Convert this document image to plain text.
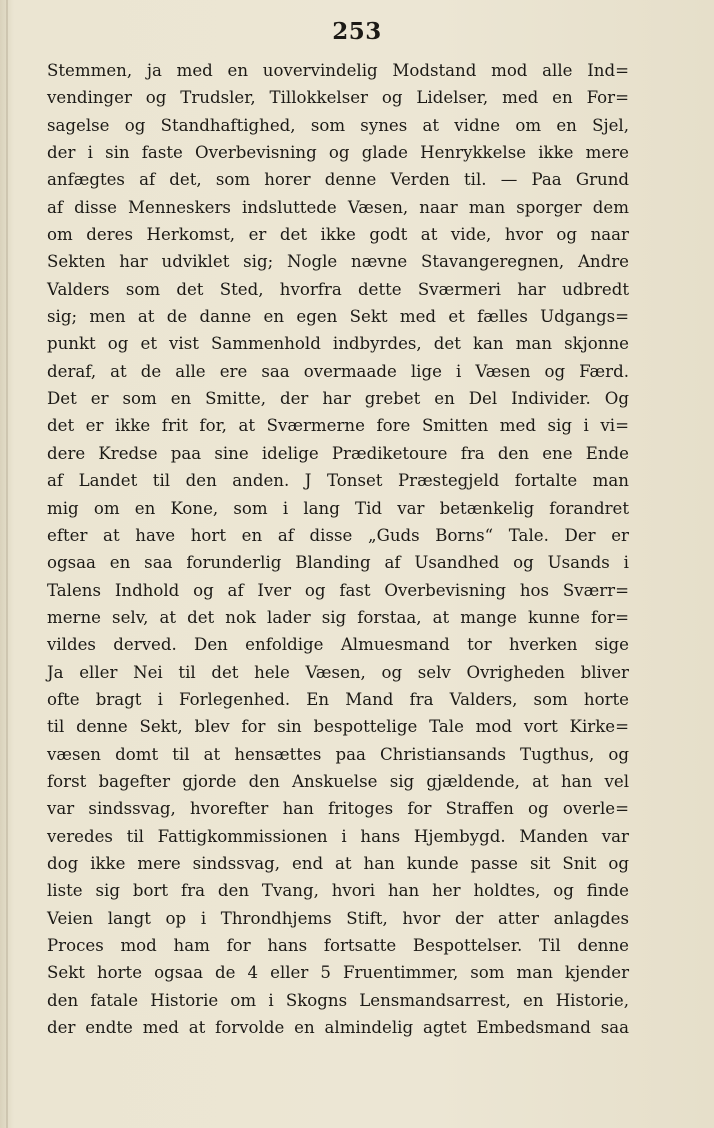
253
Stemmen, ja med en uovervindelig Modstand mod alle Ind=
vendinger og Trudsler, Tillokkelser og Lidelser, med en For=
sagelse og Standhaftighed, som synes at vidne om en Sjel,
der i sin faste Overbevisning og glade Henrykkelse ikke mere
anfægtes af det, som horer denne Verden til. — Paa Grund
af disse Menneskers indsluttede Væsen, naar man sporger dem
om deres Herkomst, er det ikke godt at vide, hvor og naar
Sekten har udviklet sig; Nogle nævne Stavangeregnen, Andre
Valders som det Sted, hvorfra dette Sværmeri har udbredt
sig; men at de danne en egen Sekt med et fælles Udgangs=
punkt og et vist Sammenhold indbyrdes, det kan man skjonne
deraf, at de alle ere saa overmaade lige i Væsen og Færd.
Det er som en Smitte, der har grebet en Del Individer. Og
det er ikke frit for, at Sværmerne fore Smitten med sig i vi=
dere Kredse paa sine idelige Prædiketoure fra den ene Ende
af Landet til den anden. J Tonset Præstegjeld fortalte man
mig om en Kone, som i lang Tid var betænkelig forandret
efter at have hort en af disse „Guds Borns“ Tale. Der er
ogsaa en saa forunderlig Blanding af Usandhed og Usands i
Talens Indhold og af Iver og fast Overbevisning hos Sværr=
merne selv, at det nok lader sig forstaa, at mange kunne for=
vildes derved. Den enfoldige Almuesmand tor hverken sige
Ja eller Nei til det hele Væsen, og selv Ovrigheden bliver
ofte bragt i Forlegenhed. En Mand fra Valders, som horte
til denne Sekt, blev for sin bespottelige Tale mod vort Kirke=
væsen domt til at hensættes paa Christiansands Tugthus, og
forst bagefter gjorde den Anskuelse sig gjældende, at han vel
var sindssvag, hvorefter han fritoges for Straffen og overle=
veredes til Fattigkommissionen i hans Hjembygd. Manden var
dog ikke mere sindssvag, end at han kunde passe sit Snit og
liste sig bort fra den Tvang, hvori han her holdtes, og finde
Veien langt op i Throndhjems Stift, hvor der atter anlagdes
Proces mod ham for hans fortsatte Bespottelser. Til denne
Sekt horte ogsaa de 4 eller 5 Fruentimmer, som man kjender
den fatale Historie om i Skogns Lensmandsarrest, en Historie,
der endte med at forvolde en almindelig agtet Embedsmand saa
